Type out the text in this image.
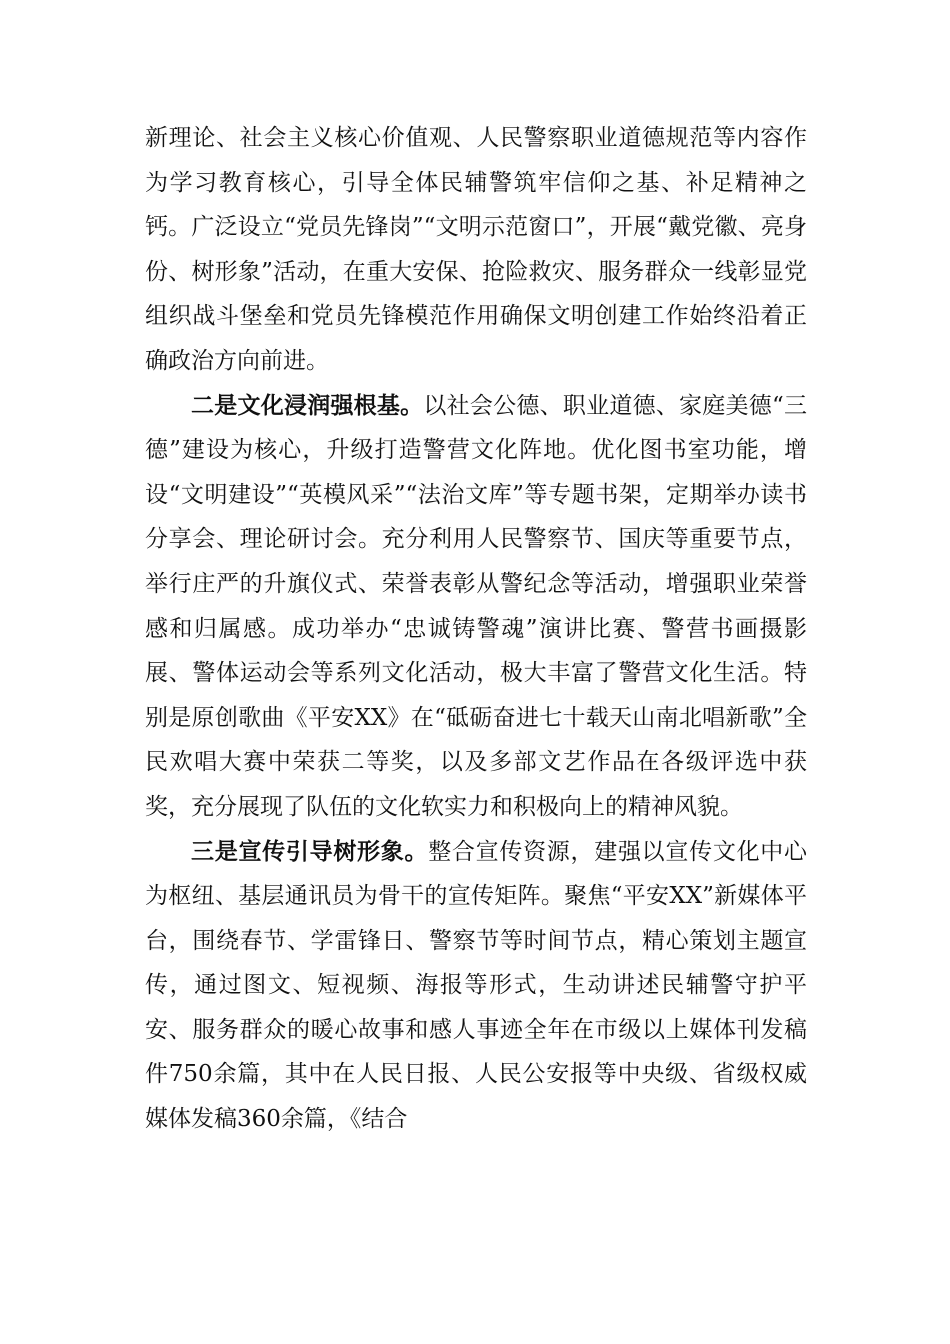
新理论、社会主义核心价值观、人民警察职业道德规范等内容作为学习教育核心，引导全体民辅警筑牢信仰之基、补足精神之钙。广泛设立“党员先锋岗”“文明示范窗口”，开展“戴党徽、亮身份、树形象”活动，在重大安保、抢险救灾、服务群众一线彰显党组织战斗堡垒和党员先锋模范作用确保文明创建工作始终沿着正确政治方向前进。

二是文化浸润强根基。以社会公德、职业道德、家庭美德“三德”建设为核心，升级打造警营文化阵地。优化图书室功能，增设“文明建设”“英模风采”“法治文库”等专题书架，定期举办读书分享会、理论研讨会。充分利用人民警察节、国庆等重要节点，举行庄严的升旗仪式、荣誉表彰从警纪念等活动，增强职业荣誉感和归属感。成功举办“忠诚铸警魂”演讲比赛、警营书画摄影展、警体运动会等系列文化活动，极大丰富了警营文化生活。特别是原创歌曲《平安XX》在“砥砺奋进七十载天山南北唱新歌”全民欢唱大赛中荣获二等奖，以及多部文艺作品在各级评选中获奖，充分展现了队伍的文化软实力和积极向上的精神风貌。

三是宣传引导树形象。整合宣传资源，建强以宣传文化中心为枢纽、基层通讯员为骨干的宣传矩阵。聚焦“平安XX”新媒体平台，围绕春节、学雷锋日、警察节等时间节点，精心策划主题宣传，通过图文、短视频、海报等形式，生动讲述民辅警守护平安、服务群众的暖心故事和感人事迹全年在市级以上媒体刊发稿件750余篇，其中在人民日报、人民公安报等中央级、省级权威媒体发稿360余篇，《结合
